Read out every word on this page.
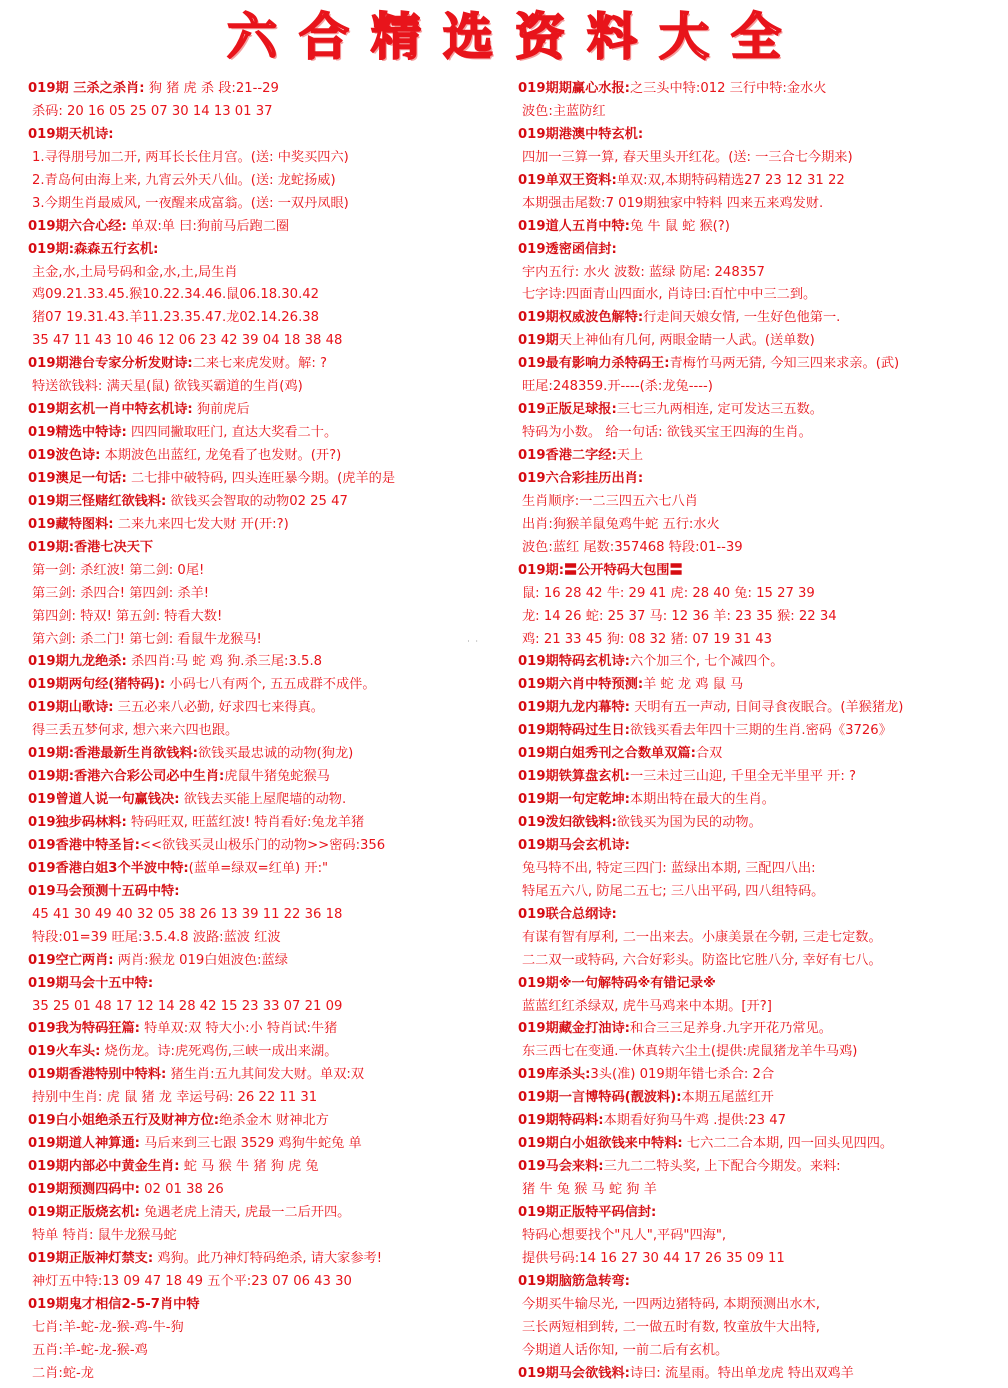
六 合 精 选 资 料 大 全
019期 三杀之杀肖: 狗 猪 虎 杀 段:21--29
杀码: 20 16 05 25 07 30 14 13 01 37
019期天机诗:
1.寻得朋号加二开, 两耳长长住月宫。(送: 中奖买四六)
2.青岛何由海上来, 九宵云外天八仙。(送: 龙蛇扬威)
3.今期生肖最威风, 一夜醒来成富翁。(送: 一双丹凤眼)
019期六合心经: 单双:单 曰:狗前马后跑二圈
019期:森森五行玄机:
主金,水,土局号码和金,水,土,局生肖
鸡09.21.33.45.猴10.22.34.46.鼠06.18.30.42
猪07 19.31.43.羊11.23.35.47.龙02.14.26.38
35 47 11 43 10 46 12 06 23 42 39 04 18 38 48
019期港台专家分析发财诗:二来七来虎发财。解: ?
特送欲钱料: 满天星(鼠) 欲钱买霸道的生肖(鸡)
019期玄机一肖中特玄机诗: 狗前虎后
019精选中特诗: 四四同撇取旺门, 直达大奖看二十。
019波色诗: 本期波色出蓝红, 龙兔看了也发财。(开?)
019澳足一句话: 二七排中破特码, 四头连旺暴今期。(虎羊的是
019期三怪赌红欲钱料: 欲钱买会智取的动物02 25 47
019藏特图料: 二来九来四七发大财 开(开:?)
019期:香港七决天下
第一剑: 杀红波! 第二剑: 0尾!
第三剑: 杀四合! 第四剑: 杀羊!
第四剑: 特双! 第五剑: 特看大数!
第六剑: 杀二门! 第七剑: 看鼠牛龙猴马!
019期九龙绝杀: 杀四肖:马 蛇 鸡 狗.杀三尾:3.5.8
019期两句经(猪特码): 小码七八有两个, 五五成群不成伴。
019期山歌诗: 三五必来八必勤, 好求四七来得真。
得三丢五梦何求, 想六来六四也跟。
019期:香港最新生肖欲钱料:欲钱买最忠诚的动物(狗龙)
019期:香港六合彩公司必中生肖:虎鼠牛猪兔蛇猴马
019曾道人说一句赢钱决: 欲钱去买能上屋爬墙的动物.
019独步码林料: 特码旺双, 旺蓝红波! 特肖看好:兔龙羊猪
019香港中特圣旨:<<欲钱买灵山极乐门的动物>>密码:356
019香港白姐3个半波中特:(蓝单=绿双=红单) 开:"
019马会预测十五码中特:
45 41 30 49 40 32 05 38 26 13 39 11 22 36 18
特段:01=39 旺尾:3.5.4.8 波路:蓝波 红波
019空亡两肖: 两肖:猴龙 019白姐波色:蓝绿
019期马会十五中特:
35 25 01 48 17 12 14 28 42 15 23 33 07 21 09
019我为特码狂篇: 特单双:双 特大小:小 特肖试:牛猪
019火车头: 烧伤龙。诗:虎死鸡伤,三峡一成出来湖。
019期香港特别中特料: 猪生肖:五九其间发大财。单双:双
持别中生肖: 虎 鼠 猪 龙 幸运号码: 26 22 11 31
019白小姐绝杀五行及财神方位:绝杀金木 财神北方
019期道人神算通: 马后来到三七跟 3529 鸡狗牛蛇兔 单
019期内部必中黄金生肖: 蛇 马 猴 牛 猪 狗 虎 兔
019期预测四码中: 02 01 38 26
019期正版烧玄机: 兔遇老虎上清天, 虎最一二后开四。
特单 特肖: 鼠牛龙猴马蛇
019期正版神灯禁支: 鸡狗。此乃神灯特码绝杀, 请大家参考!
神灯五中特:13 09 47 18 49 五个平:23 07 06 43 30
019期鬼才相信2-5-7肖中特
七肖:羊-蛇-龙-猴-鸡-牛-狗
五肖:羊-蛇-龙-猴-鸡
二肖:蛇-龙
019期期赢心水报:之三头中特:012 三行中特:金水火
波色:主蓝防红
019期港澳中特玄机:
四加一三算一算, 春天里头开红花。(送: 一三合七今期来)
019单双王资料:单双:双,本期特码精选27 23 12 31 22
本期强击尾数:7 019期独家中特料 四来五来鸡发财.
019道人五肖中特:兔 牛 鼠 蛇 猴(?)
019透密函信封:
宇内五行: 水火 波数: 蓝绿 防尾: 248357
七字诗:四面青山四面水, 肖诗曰:百忙中中三二到。
019期权威波色解特:行走间天娘女情, 一生好色他第一.
019期天上神仙有几何, 两眼金睛一人武。(送单数)
019最有影响力杀特码王:青梅竹马两无猜, 今知三四来求亲。(武)
旺尾:248359.开----(杀:龙兔----)
019正版足球报:三七三九两相连, 定可发达三五数。
特码为小数。 给一句话: 欲钱买宝王四海的生肖。
019香港二字经:天上
019六合彩挂历出肖:
生肖顺序:一二三四五六七八肖
出肖:狗猴羊鼠兔鸡牛蛇 五行:水火
波色:蓝红 尾数:357468 特段:01--39
019期:〓公开特码大包围〓
鼠: 16 28 42 牛: 29 41 虎: 28 40 兔: 15 27 39
龙: 14 26 蛇: 25 37 马: 12 36 羊: 23 35 猴: 22 34
鸡: 21 33 45 狗: 08 32 猪: 07 19 31 43
019期特码玄机诗:六个加三个, 七个减四个。
019期六肖中特预测:羊 蛇 龙 鸡 鼠 马
019期九龙内幕特: 天明有五一声动, 日间寻食夜眠合。(羊猴猪龙)
019期特码过生日:欲钱买看去年四十三期的生肖.密码《3726》
019期白姐秀刊之合数单双篇:合双
019期铁算盘玄机:一三未过三山迎, 千里全无半里平 开: ?
019期一句定乾坤:本期出特在最大的生肖。
019泼妇欲钱料:欲钱买为国为民的动物。
019期马会玄机诗:
兔马特不出, 特定三四门: 蓝绿出本期, 三配四八出:
特尾五六八, 防尾二五七; 三八出平码, 四八组特码。
019联合总纲诗:
有谋有智有厚利, 二一出来去。小康美景在今朝, 三走七定数。
二二双一或特码, 六合好彩头。防盗比它胜八分, 幸好有七八。
019期※一句解特码※有错记录※
蓝蓝红红杀绿双, 虎牛马鸡来中本期。[开?]
019期藏金打油诗:和合三三足养身.九字开花乃常见。
东三西七在变通.一休真转六尘土(提供:虎鼠猪龙羊牛马鸡)
019库杀头:3头(准) 019期年错七杀合: 2合
019期一言博特码(靓波料):本期五尾蓝红开
019期特码料:本期看好狗马牛鸡 .提供:23 47
019期白小姐欲钱来中特料: 七六二二合本期, 四一回头见四四。
019马会来料:三九二二特头奖, 上下配合今期发。来料:
猪 牛 兔 猴 马 蛇 狗 羊
019期正版特平码信封:
特码心想要找个"凡人",平码"四海",
提供号码:14 16 27 30 44 17 26 35 09 11
019期脑筋急转弯:
今期买牛输尽光, 一四两边猪特码, 本期预测出水木,
三长两短相到转, 二一做五时有数, 牧童放牛大出特,
今期道人话你知, 一前二后有玄机。
019期马会欲钱料:诗曰: 流星雨。特出单龙虎 特出双鸡羊
˙ ˙
